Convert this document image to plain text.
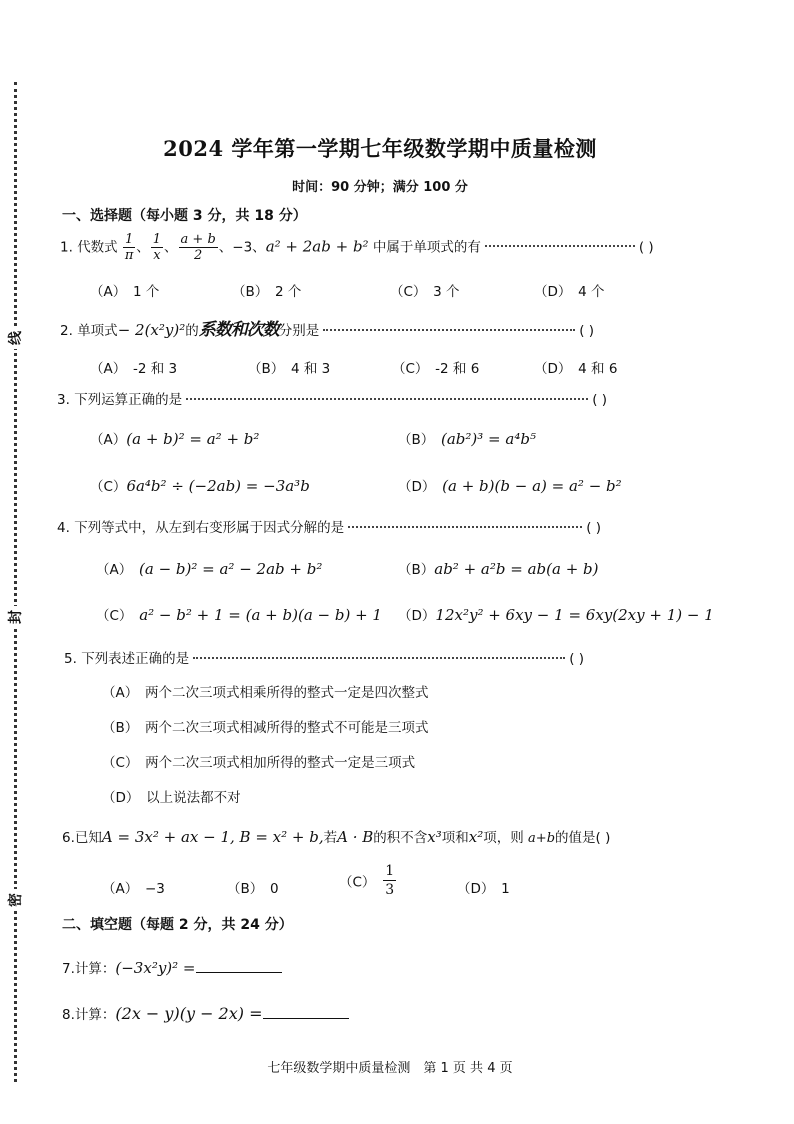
线
封
密
2024 学年第一学期七年级数学期中质量检测
时间：90 分钟；满分 100 分
一、选择题（每小题 3 分，共 18 分）
1. 代数式 $\frac{1}{\pi}$ 、 $\frac{1}{x}$ 、 $\frac{a + b}{2}$ 、−3、a² + 2ab + b² 中属于单项式的有	( )
（A）　1 个	（B）　2 个	（C）　3 个	（D）　4 个
2. 单项式− 2(x²y)²的系数和次数分别是	( )
（A）　-2 和 3	（B）　4 和 3	（C）　-2 和 6	（D）　4 和 6
3. 下列运算正确的是	( )
（A）(a + b)² = a² + b²	（B）　 (ab²)³ = a⁴b⁵
（C）6a⁴b² ÷ (−2ab) = −3a³b	（D）　 (a + b)(b − a) = a² − b²
4. 下列等式中，从左到右变形属于因式分解的是	( )
（A）　 (a − b)² = a² − 2ab + b²	（B）ab² + a²b = ab(a + b)
（C）　 a² − b² + 1 = (a + b)(a − b) + 1 （D）12x²y² + 6xy − 1 = 6xy(2xy + 1) − 1
5. 下列表述正确的是	( )
（A）　两个二次三项式相乘所得的整式一定是四次整式
（B）　两个二次三项式相减所得的整式不可能是三项式
（C）　两个二次三项式相加所得的整式一定是三项式
（D）　以上说法都不对
6.已知A = 3x² + ax − 1, B = x² + b,若A · B的积不含x³项和x²项，则 a+b的值是( )
（A）　 −3	（B）　 0	（C）　 $\frac{1}{3}$	（D）　 1
二、填空题（每题 2 分，共 24 分）
7.计算：(−3x²y)² =
8.计算：(2x − y)(y − 2x) =
七年级数学期中质量检测　第 1 页 共 4 页
